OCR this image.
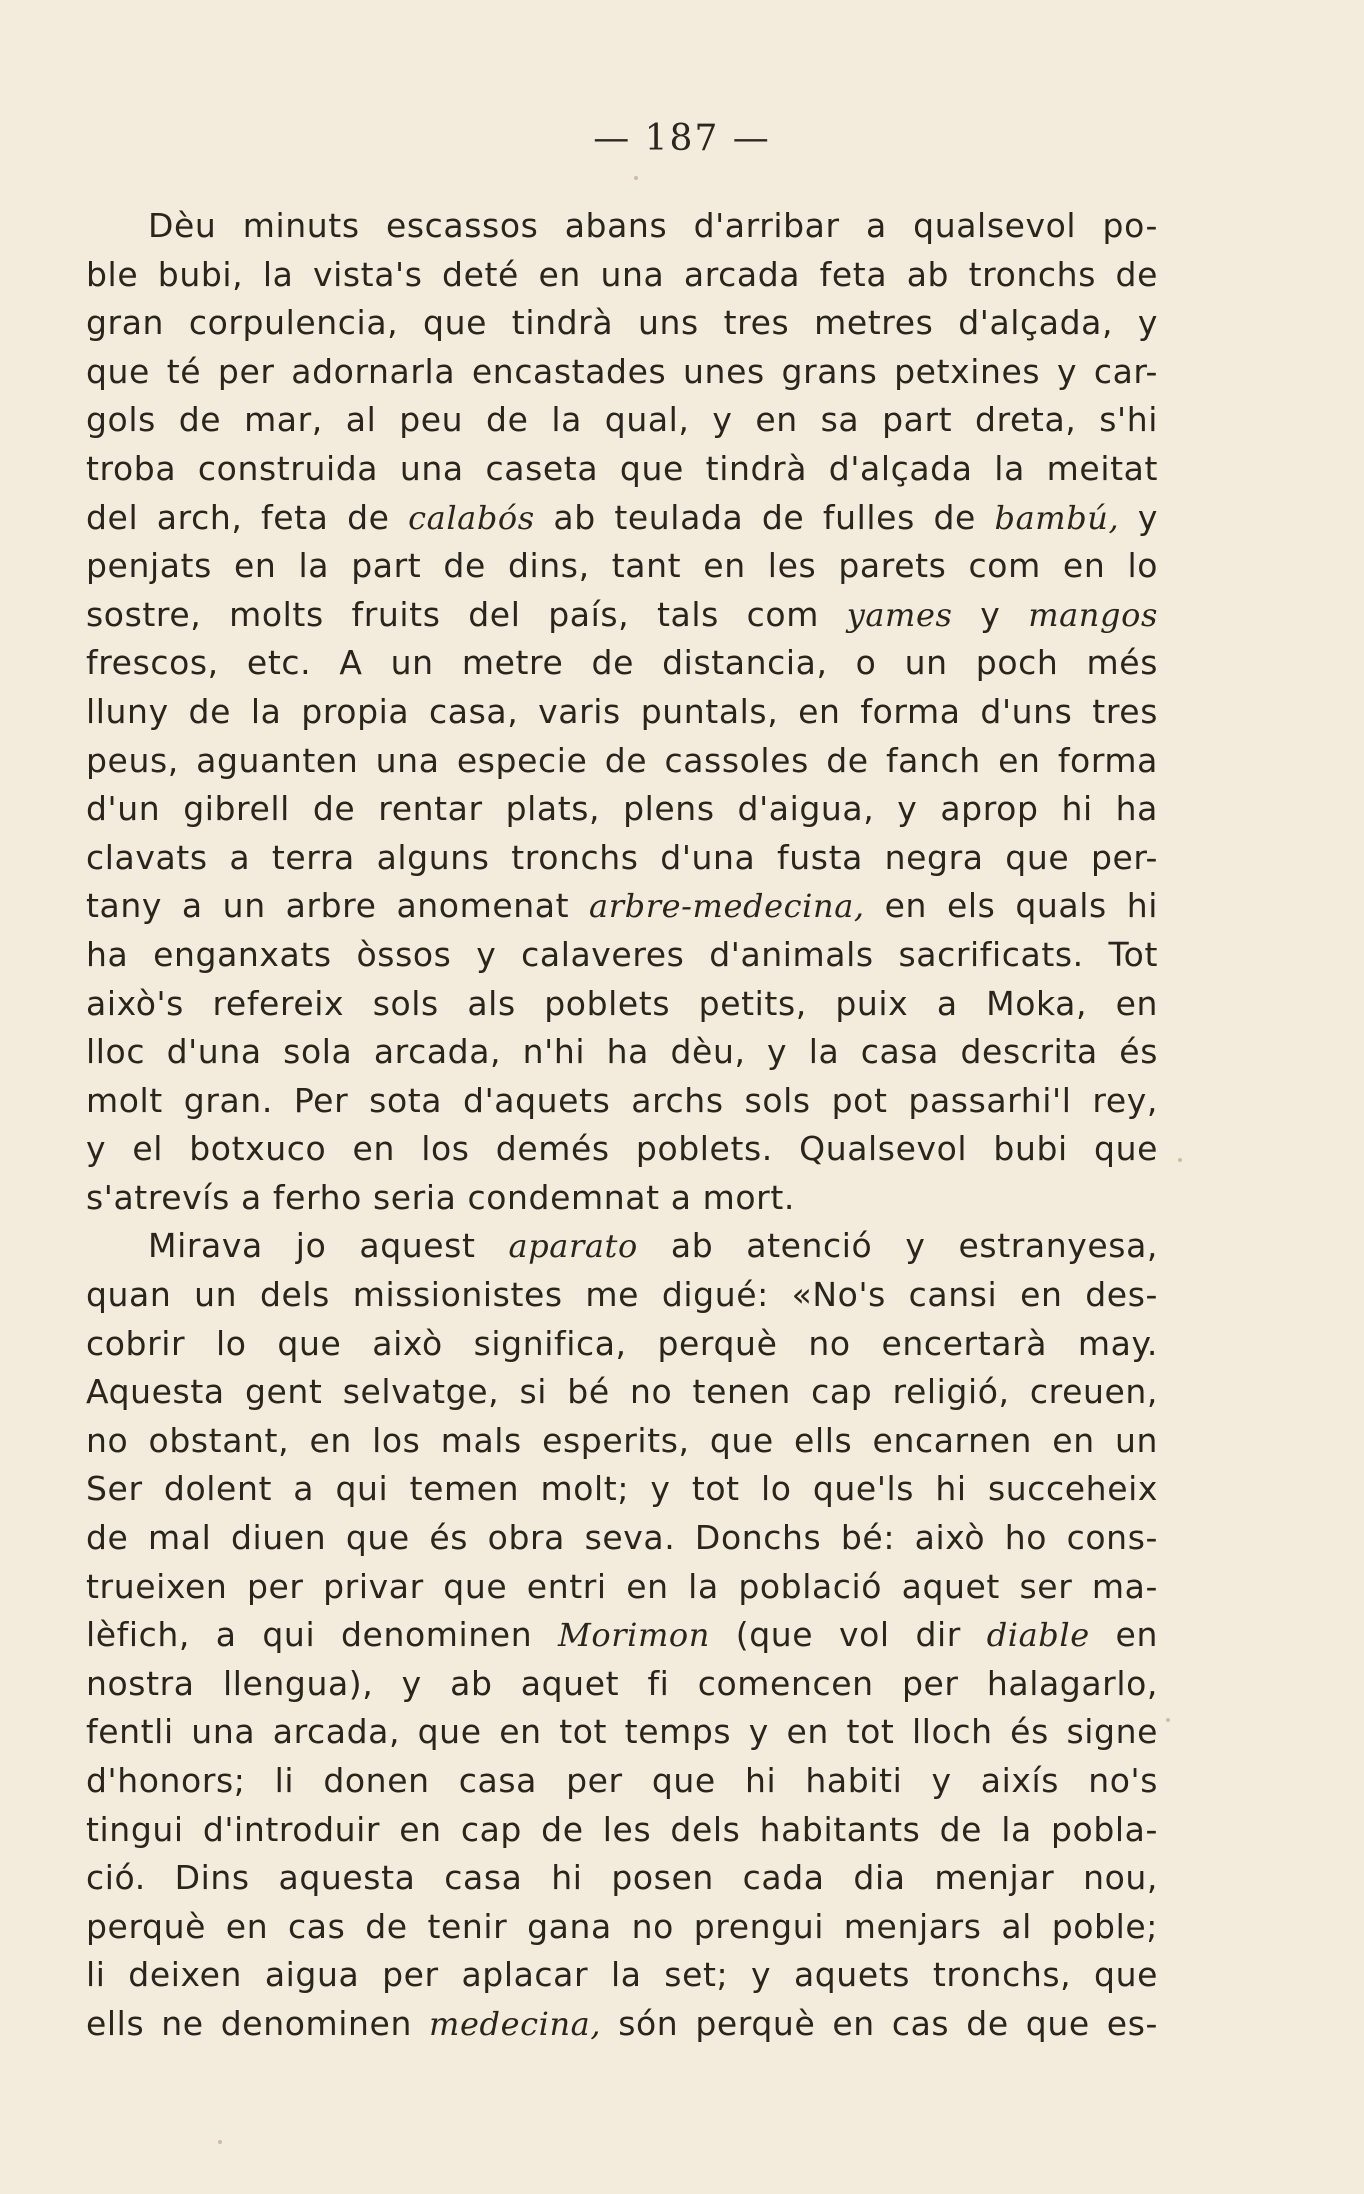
— 187 —
Dèu minuts escassos abans d'arribar a qualsevol po-
ble bubi, la vista's deté en una arcada feta ab tronchs de
gran corpulencia, que tindrà uns tres metres d'alçada, y
que té per adornarla encastades unes grans petxines y car-
gols de mar, al peu de la qual, y en sa part dreta, s'hi
troba construida una caseta que tindrà d'alçada la meitat
del arch, feta de calabós ab teulada de fulles de bambú, y
penjats en la part de dins, tant en les parets com en lo
sostre, molts fruits del país, tals com yames y mangos
frescos, etc. A un metre de distancia, o un poch més
lluny de la propia casa, varis puntals, en forma d'uns tres
peus, aguanten una especie de cassoles de fanch en forma
d'un gibrell de rentar plats, plens d'aigua, y aprop hi ha
clavats a terra alguns tronchs d'una fusta negra que per-
tany a un arbre anomenat arbre-medecina, en els quals hi
ha enganxats òssos y calaveres d'animals sacrificats. Tot
això's refereix sols als poblets petits, puix a Moka, en
lloc d'una sola arcada, n'hi ha dèu, y la casa descrita és
molt gran. Per sota d'aquets archs sols pot passarhi'l rey,
y el botxuco en los demés poblets. Qualsevol bubi que
s'atrevís a ferho seria condemnat a mort.
Mirava jo aquest aparato ab atenció y estranyesa,
quan un dels missionistes me digué: «No's cansi en des-
cobrir lo que això significa, perquè no encertarà may.
Aquesta gent selvatge, si bé no tenen cap religió, creuen,
no obstant, en los mals esperits, que ells encarnen en un
Ser dolent a qui temen molt; y tot lo que'ls hi succeheix
de mal diuen que és obra seva. Donchs bé: això ho cons-
trueixen per privar que entri en la població aquet ser ma-
lèfich, a qui denominen Morimon (que vol dir diable en
nostra llengua), y ab aquet fi comencen per halagarlo,
fentli una arcada, que en tot temps y en tot lloch és signe
d'honors; li donen casa per que hi habiti y aixís no's
tingui d'introduir en cap de les dels habitants de la pobla-
ció. Dins aquesta casa hi posen cada dia menjar nou,
perquè en cas de tenir gana no prengui menjars al poble;
li deixen aigua per aplacar la set; y aquets tronchs, que
ells ne denominen medecina, són perquè en cas de que es-
